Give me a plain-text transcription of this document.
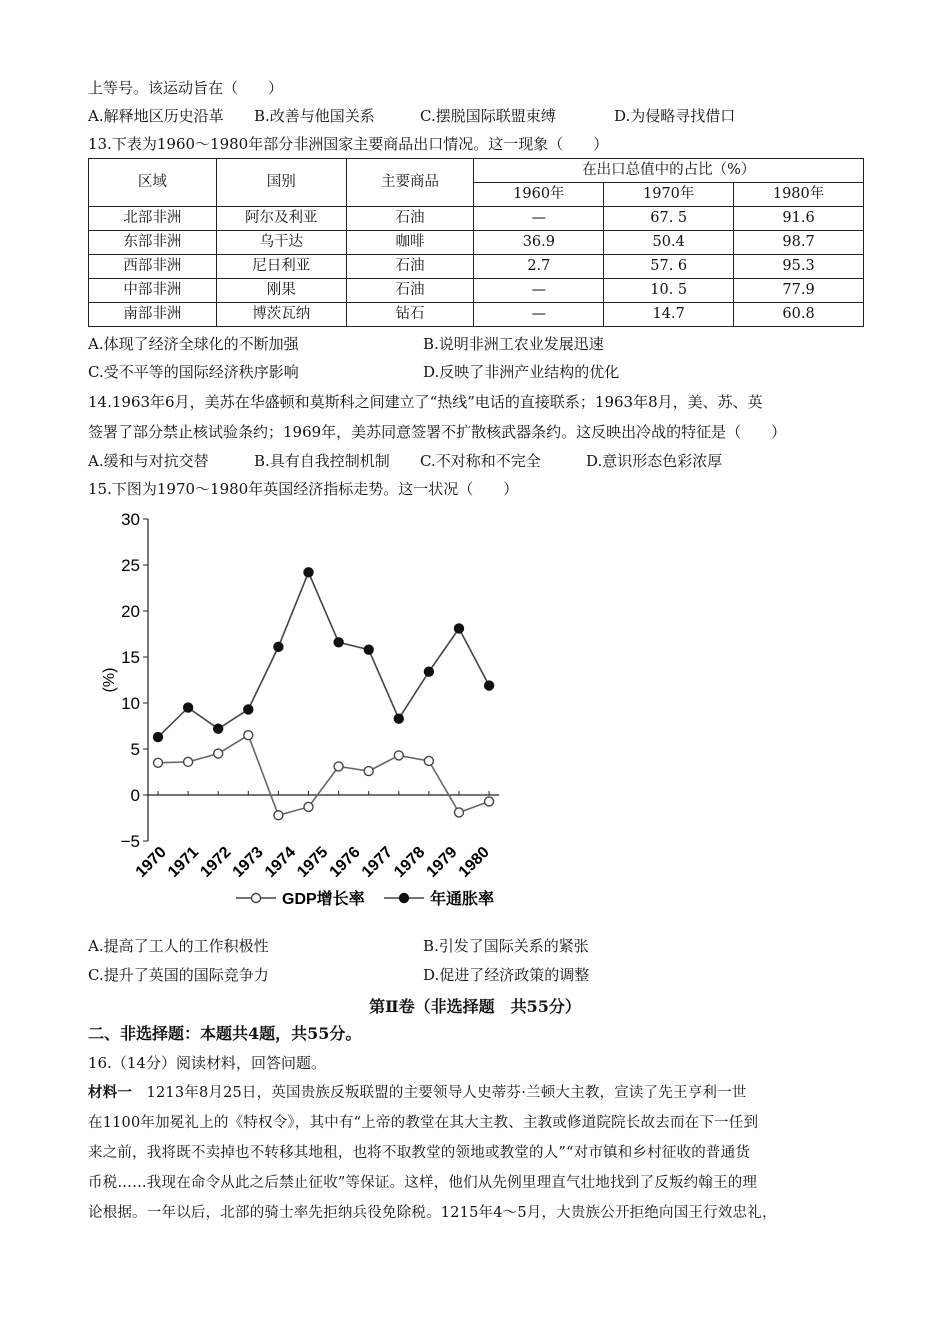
上等号。该运动旨在（　　）
A.解释地区历史沿革 B.改善与他国关系	C.摆脱国际联盟束缚	D.为侵略寻找借口
13.下表为1960～1980年部分非洲国家主要商品出口情况。这一现象（　　）
区域	国别	主要商品	在出口总值中的占比（%）		
			1960年	1970年	1980年
北部非洲	阿尔及利亚	石油	—	67. 5	91.6
东部非洲	乌干达	咖啡	36.9	50.4	98.7
西部非洲	尼日利亚	石油	2.7	57. 6	95.3
中部非洲	刚果	石油	—	10. 5	77.9
南部非洲	博茨瓦纳	钻石	—	14.7	60.8
A.体现了经济全球化的不断加强	B.说明非洲工农业发展迅速
C.受不平等的国际经济秩序影响	D.反映了非洲产业结构的优化
14.1963年6月，美苏在华盛顿和莫斯科之间建立了“热线”电话的直接联系；1963年8月，美、苏、英
签署了部分禁止核试验条约；1969年，美苏同意签署不扩散核武器条约。这反映出冷战的特征是（　　）
A.缓和与对抗交替	B.具有自我控制机制 C.不对称和不完全	D.意识形态色彩浓厚
15.下图为1970～1980年英国经济指标走势。这一状况（　　）
30
25
20
15
10
5
0
−5
(%)
1970
1971
1972
1973
1974
1975
1976
1977
1978
1979
1980
GDP增长率	年通胀率
A.提高了工人的工作积极性	B.引发了国际关系的紧张
C.提升了英国的国际竞争力	D.促进了经济政策的调整
第Ⅱ卷（非选择题　共55分）
二、非选择题：本题共4题，共55分。
16.（14分）阅读材料，回答问题。
材料一 1213年8月25日，英国贵族反叛联盟的主要领导人史蒂芬·兰顿大主教，宣读了先王亨利一世
在1100年加冕礼上的《特权令》，其中有“上帝的教堂在其大主教、主教或修道院院长故去而在下一任到
来之前，我将既不卖掉也不转移其地租，也将不取教堂的领地或教堂的人”“对市镇和乡村征收的普通货
币税……我现在命令从此之后禁止征收”等保证。这样，他们从先例里理直气壮地找到了反叛约翰王的理
论根据。一年以后，北部的骑士率先拒纳兵役免除税。1215年4～5月，大贵族公开拒绝向国王行效忠礼，
